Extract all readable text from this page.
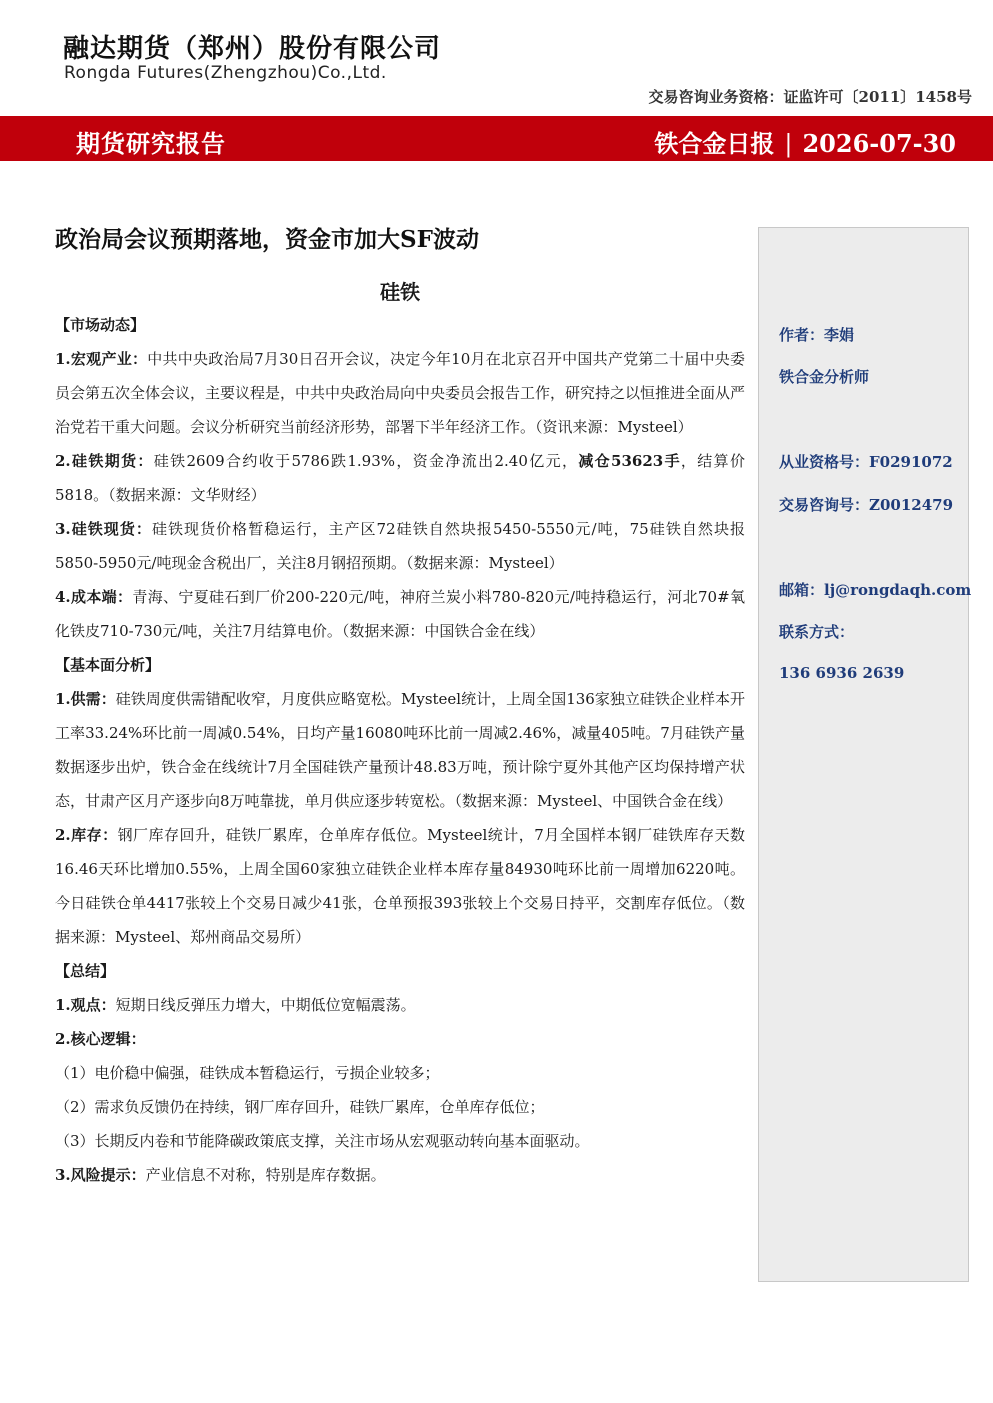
融达期货（郑州）股份有限公司
Rongda Futures(Zhengzhou)Co.,Ltd.
交易咨询业务资格：证监许可〔2011〕1458号
期货研究报告	铁合金日报 | 2026-07-30
政治局会议预期落地，资金市加大SF波动
硅铁

【市场动态】

1.宏观产业：中共中央政治局7月30日召开会议，决定今年10月在北京召开中国共产党第二十届中央委员会第五次全体会议，主要议程是，中共中央政治局向中央委员会报告工作，研究持之以恒推进全面从严治党若干重大问题。会议分析研究当前经济形势，部署下半年经济工作。（资讯来源：Mysteel）

2.硅铁期货：硅铁2609合约收于5786跌1.93%，资金净流出2.40亿元，减仓53623手，结算价5818。（数据来源：文华财经）

3.硅铁现货：硅铁现货价格暂稳运行，主产区72硅铁自然块报5450-5550元/吨，75硅铁自然块报5850-5950元/吨现金含税出厂，关注8月钢招预期。（数据来源：Mysteel）

4.成本端：青海、宁夏硅石到厂价200-220元/吨，神府兰炭小料780-820元/吨持稳运行，河北70#氧化铁皮710-730元/吨，关注7月结算电价。（数据来源：中国铁合金在线）

【基本面分析】

1.供需：硅铁周度供需错配收窄，月度供应略宽松。Mysteel统计，上周全国136家独立硅铁企业样本开工率33.24%环比前一周减0.54%，日均产量16080吨环比前一周减2.46%，减量405吨。7月硅铁产量数据逐步出炉，铁合金在线统计7月全国硅铁产量预计48.83万吨，预计除宁夏外其他产区均保持增产状态，甘肃产区月产逐步向8万吨靠拢，单月供应逐步转宽松。（数据来源：Mysteel、中国铁合金在线）

2.库存：钢厂库存回升，硅铁厂累库，仓单库存低位。Mysteel统计，7月全国样本钢厂硅铁库存天数16.46天环比增加0.55%，上周全国60家独立硅铁企业样本库存量84930吨环比前一周增加6220吨。今日硅铁仓单4417张较上个交易日减少41张，仓单预报393张较上个交易日持平，交割库存低位。（数据来源：Mysteel、郑州商品交易所）

【总结】

1.观点：短期日线反弹压力增大，中期低位宽幅震荡。

2.核心逻辑：

（1）电价稳中偏强，硅铁成本暂稳运行，亏损企业较多；

（2）需求负反馈仍在持续，钢厂库存回升，硅铁厂累库，仓单库存低位；

（3）长期反内卷和节能降碳政策底支撑，关注市场从宏观驱动转向基本面驱动。

3.风险提示：产业信息不对称，特别是库存数据。

作者：李娟
铁合金分析师
从业资格号：F0291072
交易咨询号：Z0012479
邮箱：lj@rongdaqh.com
联系方式：
136 6936 2639
